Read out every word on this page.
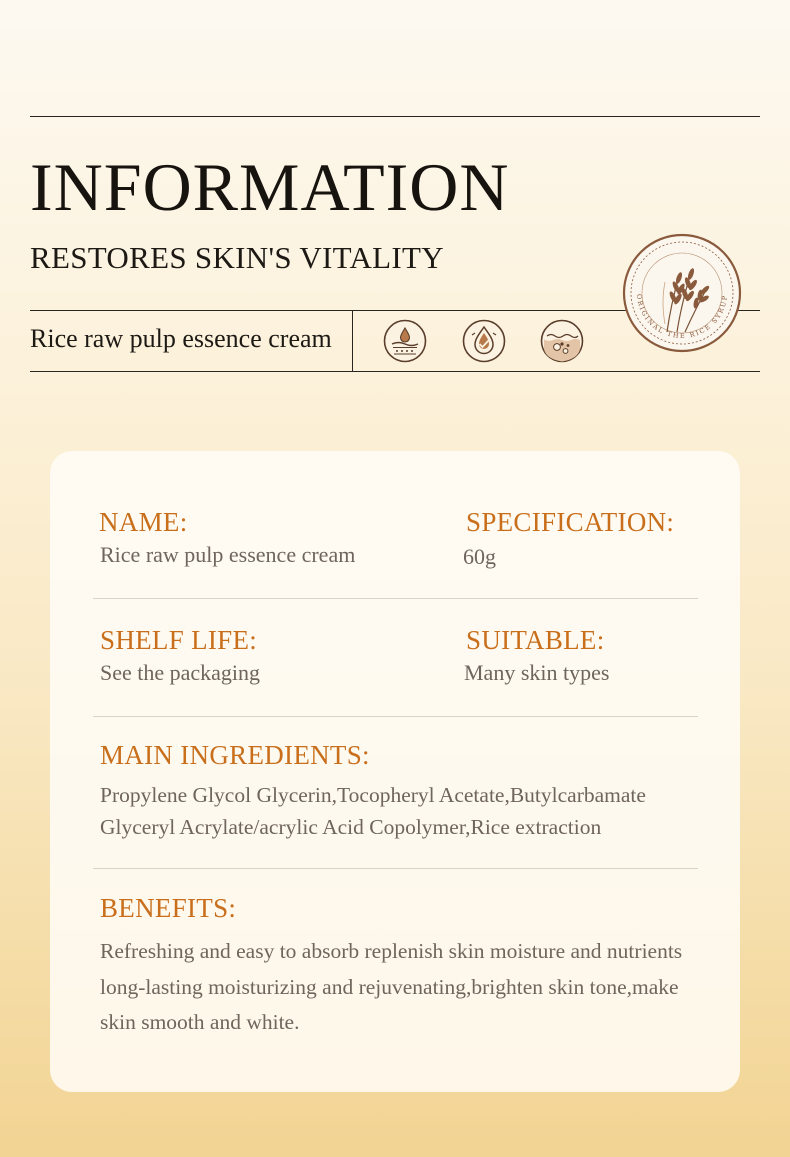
INFORMATION
RESTORES SKIN'S VITALITY
Rice raw pulp essence cream
ORIGINAL THE RICE SYRUP
NAME:
Rice raw pulp essence cream
SPECIFICATION:
60g
SHELF LIFE:
See the packaging
SUITABLE:
Many skin types
MAIN INGREDIENTS:
Propylene Glycol Glycerin,Tocopheryl Acetate,Butylcarbamate
Glyceryl Acrylate/acrylic Acid Copolymer,Rice extraction
BENEFITS:
Refreshing and easy to absorb replenish skin moisture and nutrients
long-lasting moisturizing and rejuvenating,brighten skin tone,make
skin smooth and white.
